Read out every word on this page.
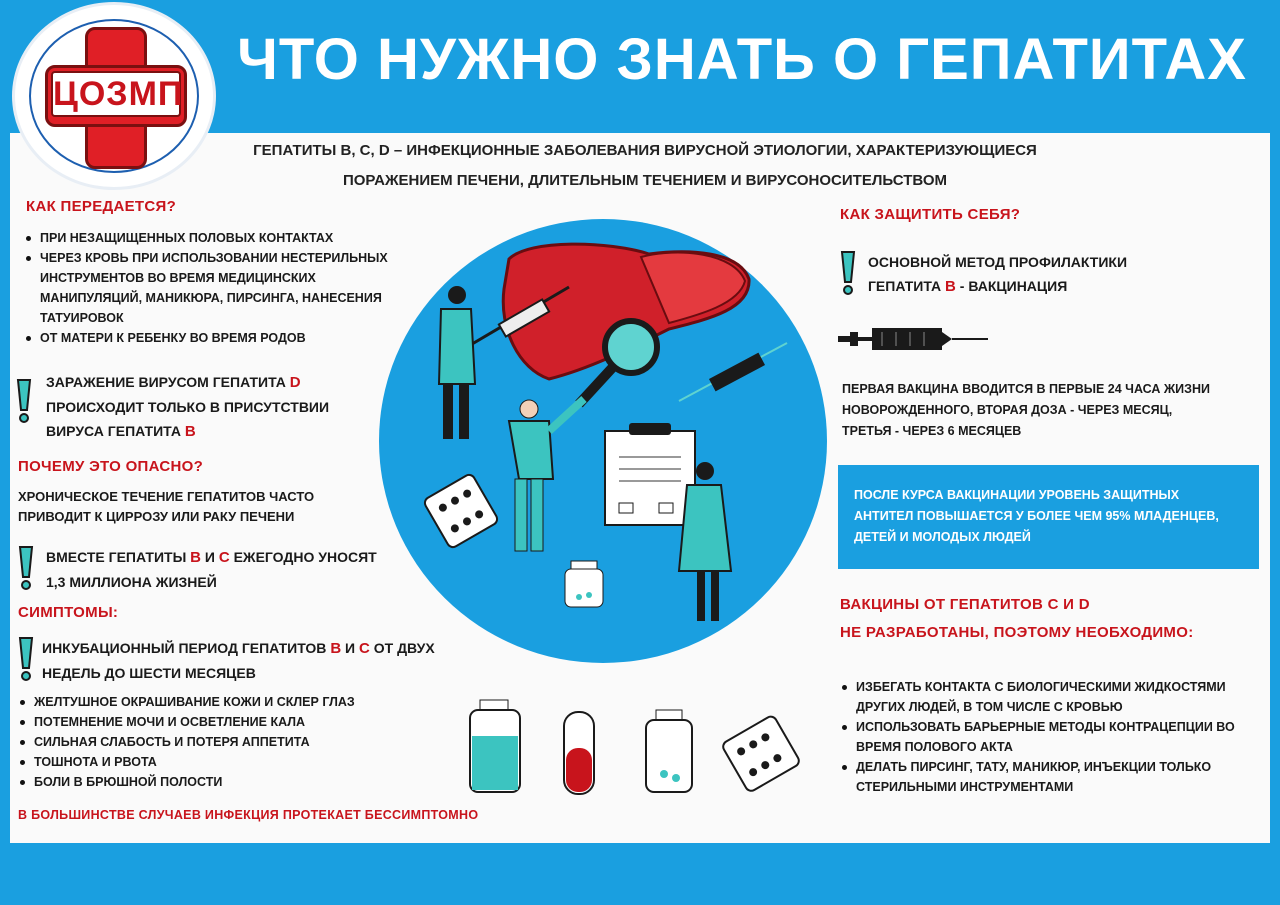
ЧТО НУЖНО ЗНАТЬ О ГЕПАТИТАХ
ЦОЗМП
ГЕПАТИТЫ В, С, D – ИНФЕКЦИОННЫЕ ЗАБОЛЕВАНИЯ ВИРУСНОЙ ЭТИОЛОГИИ, ХАРАКТЕРИЗУЮЩИЕСЯ
ПОРАЖЕНИЕМ ПЕЧЕНИ, ДЛИТЕЛЬНЫМ ТЕЧЕНИЕМ И ВИРУСОНОСИТЕЛЬСТВОМ
КАК ПЕРЕДАЕТСЯ?
ПРИ НЕЗАЩИЩЕННЫХ ПОЛОВЫХ КОНТАКТАХ
ЧЕРЕЗ КРОВЬ ПРИ ИСПОЛЬЗОВАНИИ НЕСТЕРИЛЬНЫХ ИНСТРУМЕНТОВ ВО ВРЕМЯ МЕДИЦИНСКИХ МАНИПУЛЯЦИЙ, МАНИКЮРА, ПИРСИНГА, НАНЕСЕНИЯ ТАТУИРОВОК
ОТ МАТЕРИ К РЕБЕНКУ ВО ВРЕМЯ РОДОВ
ЗАРАЖЕНИЕ ВИРУСОМ ГЕПАТИТА D
ПРОИСХОДИТ ТОЛЬКО В ПРИСУТСТВИИ
ВИРУСА ГЕПАТИТА В
ПОЧЕМУ ЭТО ОПАСНО?
ХРОНИЧЕСКОЕ ТЕЧЕНИЕ ГЕПАТИТОВ ЧАСТО
ПРИВОДИТ К ЦИРРОЗУ ИЛИ РАКУ ПЕЧЕНИ
ВМЕСТЕ ГЕПАТИТЫ В И С ЕЖЕГОДНО УНОСЯТ
1,3 МИЛЛИОНА ЖИЗНЕЙ
СИМПТОМЫ:
ИНКУБАЦИОННЫЙ ПЕРИОД ГЕПАТИТОВ В И С ОТ ДВУХ
НЕДЕЛЬ ДО ШЕСТИ МЕСЯЦЕВ
ЖЕЛТУШНОЕ ОКРАШИВАНИЕ КОЖИ И СКЛЕР ГЛАЗ
ПОТЕМНЕНИЕ МОЧИ И ОСВЕТЛЕНИЕ КАЛА
СИЛЬНАЯ СЛАБОСТЬ И ПОТЕРЯ АППЕТИТА
ТОШНОТА И РВОТА
БОЛИ В БРЮШНОЙ ПОЛОСТИ
В БОЛЬШИНСТВЕ СЛУЧАЕВ ИНФЕКЦИЯ ПРОТЕКАЕТ БЕССИМПТОМНО
КАК ЗАЩИТИТЬ СЕБЯ?
ОСНОВНОЙ МЕТОД ПРОФИЛАКТИКИ
ГЕПАТИТА В - ВАКЦИНАЦИЯ
ПЕРВАЯ ВАКЦИНА ВВОДИТСЯ В ПЕРВЫЕ 24 ЧАСА ЖИЗНИ
НОВОРОЖДЕННОГО, ВТОРАЯ ДОЗА - ЧЕРЕЗ МЕСЯЦ,
ТРЕТЬЯ - ЧЕРЕЗ 6 МЕСЯЦЕВ
ПОСЛЕ КУРСА ВАКЦИНАЦИИ УРОВЕНЬ ЗАЩИТНЫХ
АНТИТЕЛ ПОВЫШАЕТСЯ У БОЛЕЕ ЧЕМ 95% МЛАДЕНЦЕВ,
ДЕТЕЙ И МОЛОДЫХ ЛЮДЕЙ
ВАКЦИНЫ ОТ ГЕПАТИТОВ С И D
НЕ РАЗРАБОТАНЫ, ПОЭТОМУ НЕОБХОДИМО:
ИЗБЕГАТЬ КОНТАКТА С БИОЛОГИЧЕСКИМИ ЖИДКОСТЯМИ ДРУГИХ ЛЮДЕЙ, В ТОМ ЧИСЛЕ С КРОВЬЮ
ИСПОЛЬЗОВАТЬ БАРЬЕРНЫЕ МЕТОДЫ КОНТРАЦЕПЦИИ ВО ВРЕМЯ ПОЛОВОГО АКТА
ДЕЛАТЬ ПИРСИНГ, ТАТУ, МАНИКЮР, ИНЪЕКЦИИ ТОЛЬКО СТЕРИЛЬНЫМИ ИНСТРУМЕНТАМИ
